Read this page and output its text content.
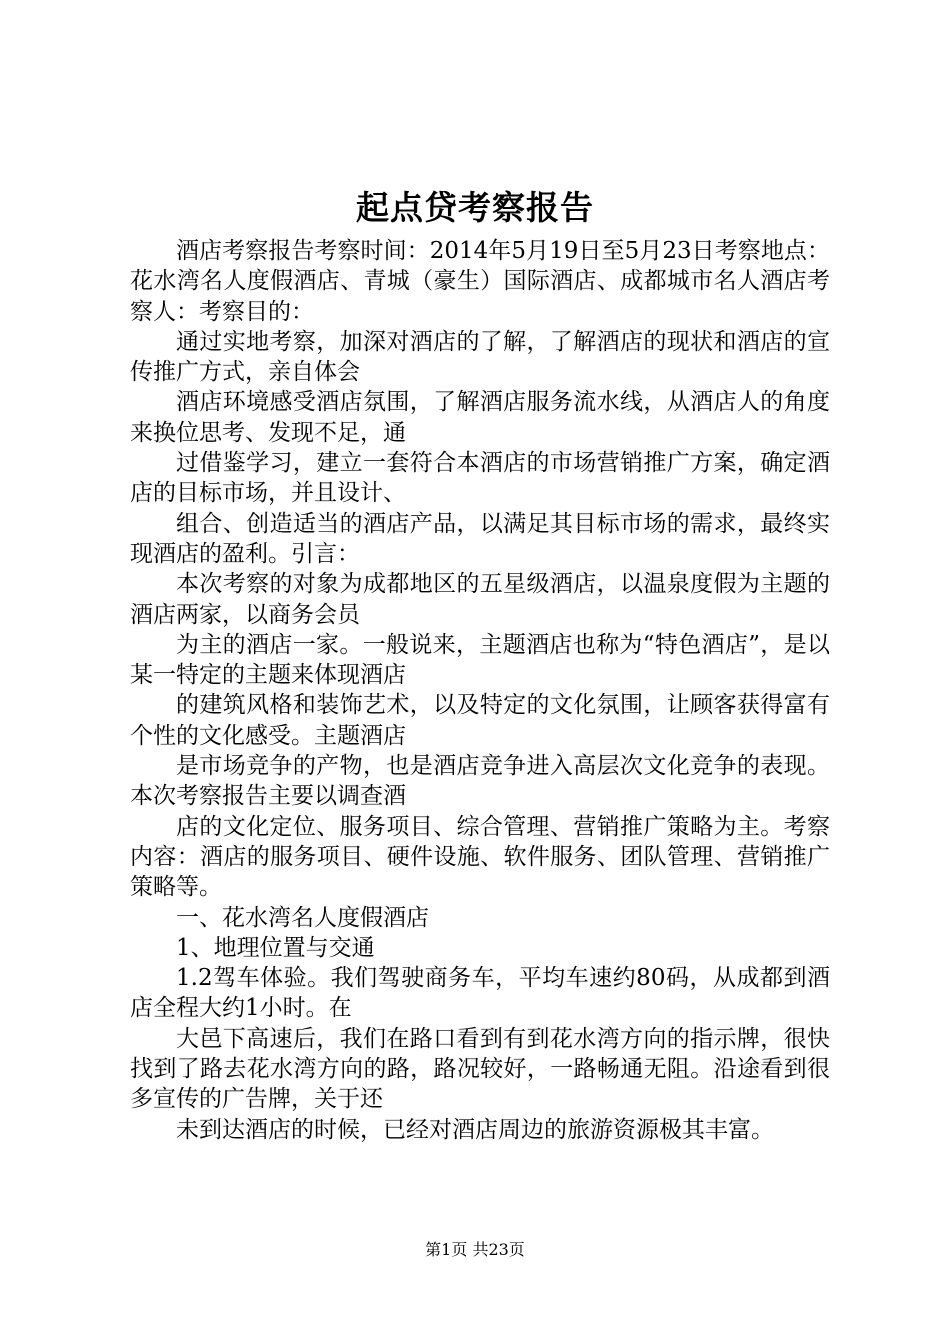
起点贷考察报告

酒店考察报告考察时间：2014年5月19日至5月23日考察地点：花水湾名人度假酒店、青城（豪生）国际酒店、成都城市名人酒店考察人：考察目的：

通过实地考察，加深对酒店的了解，了解酒店的现状和酒店的宣传推广方式，亲自体会

酒店环境感受酒店氛围，了解酒店服务流水线，从酒店人的角度来换位思考、发现不足，通

过借鉴学习，建立一套符合本酒店的市场营销推广方案，确定酒店的目标市场，并且设计、

组合、创造适当的酒店产品，以满足其目标市场的需求，最终实现酒店的盈利。引言：

本次考察的对象为成都地区的五星级酒店，以温泉度假为主题的酒店两家，以商务会员

为主的酒店一家。一般说来，主题酒店也称为“特色酒店”，是以某一特定的主题来体现酒店

的建筑风格和装饰艺术，以及特定的文化氛围，让顾客获得富有个性的文化感受。主题酒店

是市场竞争的产物，也是酒店竞争进入高层次文化竞争的表现。本次考察报告主要以调查酒

店的文化定位、服务项目、综合管理、营销推广策略为主。考察内容：酒店的服务项目、硬件设施、软件服务、团队管理、营销推广策略等。

一、花水湾名人度假酒店

1、地理位置与交通

1.2驾车体验。我们驾驶商务车，平均车速约80码，从成都到酒店全程大约1小时。在

大邑下高速后，我们在路口看到有到花水湾方向的指示牌，很快找到了路去花水湾方向的路，路况较好，一路畅通无阻。沿途看到很多宣传的广告牌，关于还

未到达酒店的时候，已经对酒店周边的旅游资源极其丰富。

第1页 共23页
